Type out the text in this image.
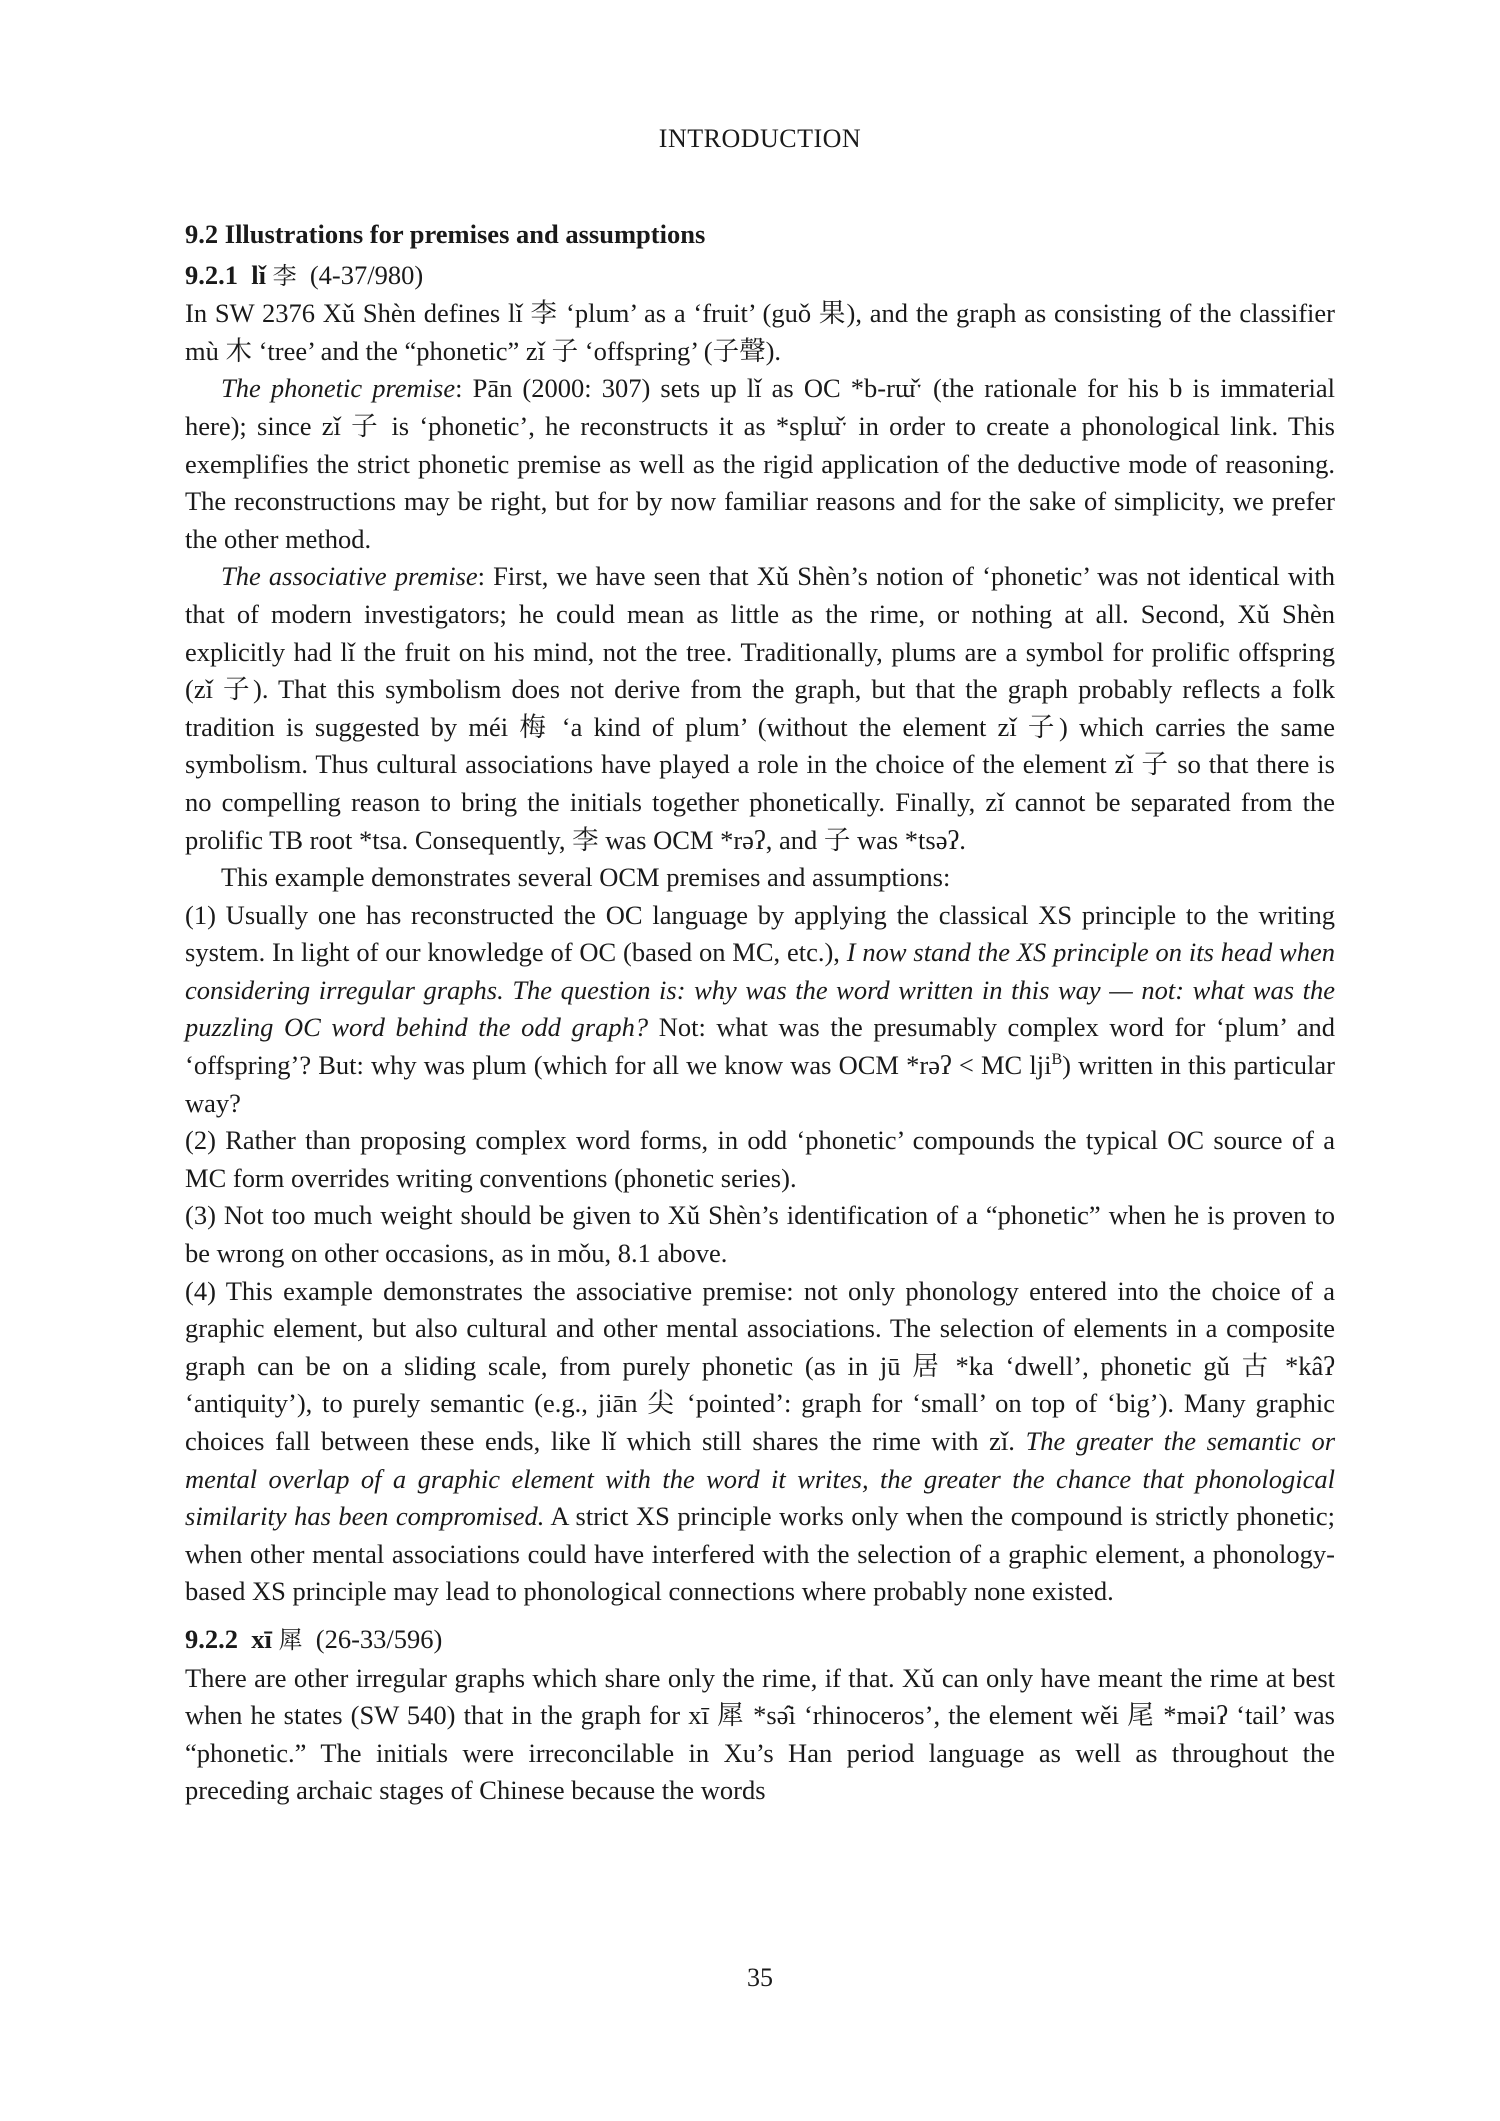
INTRODUCTION
9.2 Illustrations for premises and assumptions
9.2.1 lǐ 李 (4-37/980)

In SW 2376 Xǔ Shèn defines lǐ 李 ‘plum’ as a ‘fruit’ (guǒ 果), and the graph as consisting of the classifier mù 木 ‘tree’ and the “phonetic” zǐ 子 ‘offspring’ (子聲).

The phonetic premise: Pān (2000: 307) sets up lǐ as OC *b-rɯ̌ˑ (the rationale for his b is immaterial here); since zǐ 子 is ‘phonetic’, he reconstructs it as *splɯ̌ˑ in order to create a phonological link. This exemplifies the strict phonetic premise as well as the rigid application of the deductive mode of reasoning. The reconstructions may be right, but for by now familiar reasons and for the sake of simplicity, we prefer the other method.

The associative premise: First, we have seen that Xǔ Shèn’s notion of ‘phonetic’ was not identical with that of modern investigators; he could mean as little as the rime, or nothing at all. Second, Xǔ Shèn explicitly had lǐ the fruit on his mind, not the tree. Traditionally, plums are a symbol for prolific offspring (zǐ 子). That this symbolism does not derive from the graph, but that the graph probably reflects a folk tradition is suggested by méi 梅 ‘a kind of plum’ (without the element zǐ 子) which carries the same symbolism. Thus cultural associations have played a role in the choice of the element zǐ 子 so that there is no compelling reason to bring the initials together phonetically. Finally, zǐ cannot be separated from the prolific TB root *tsa. Consequently, 李 was OCM *rəʔ, and 子 was *tsəʔ.

This example demonstrates several OCM premises and assumptions:

(1) Usually one has reconstructed the OC language by applying the classical XS principle to the writing system. In light of our knowledge of OC (based on MC, etc.), I now stand the XS principle on its head when considering irregular graphs. The question is: why was the word written in this way — not: what was the puzzling OC word behind the odd graph? Not: what was the presumably complex word for ‘plum’ and ‘offspring’? But: why was plum (which for all we know was OCM *rəʔ < MC lji$^B$) written in this particular way?

(2) Rather than proposing complex word forms, in odd ‘phonetic’ compounds the typical OC source of a MC form overrides writing conventions (phonetic series).

(3) Not too much weight should be given to Xǔ Shèn’s identification of a “phonetic” when he is proven to be wrong on other occasions, as in mǒu, 8.1 above.

(4) This example demonstrates the associative premise: not only phonology entered into the choice of a graphic element, but also cultural and other mental associations. The selection of elements in a composite graph can be on a sliding scale, from purely phonetic (as in jū 居 *ka ‘dwell’, phonetic gǔ 古 *kâʔ ‘antiquity’), to purely semantic (e.g., jiān 尖 ‘pointed’: graph for ‘small’ on top of ‘big’). Many graphic choices fall between these ends, like lǐ which still shares the rime with zǐ. The greater the semantic or mental overlap of a graphic element with the word it writes, the greater the chance that phonological similarity has been compromised. A strict XS principle works only when the compound is strictly phonetic; when other mental associations could have interfered with the selection of a graphic element, a phonology-based XS principle may lead to phonological connections where probably none existed.

9.2.2 xī 犀 (26-33/596)

There are other irregular graphs which share only the rime, if that. Xǔ can only have meant the rime at best when he states (SW 540) that in the graph for xī 犀 *sə̂i ‘rhinoceros’, the element wěi 尾 *məiʔ ‘tail’ was “phonetic.” The initials were irreconcilable in Xu’s Han period language as well as throughout the preceding archaic stages of Chinese because the words

35
